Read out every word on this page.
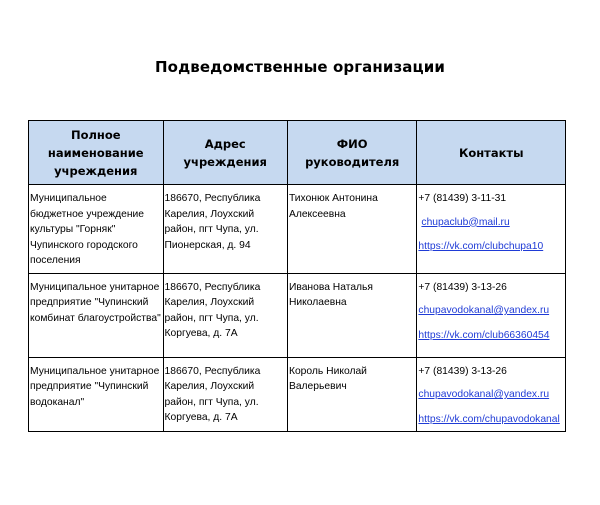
Подведомственные организации
Полное наименование учреждения	Адрес учреждения	ФИО руководителя	Контакты
Муниципальное бюджетное учреждение культуры "Горняк" Чупинского городского поселения	186670, Республика Карелия, Лоухский район, пгт Чупа, ул. Пионерская, д. 94	Тихонюк Антонина Алексеевна	+7 (81439) 3-11-31
chupaclub@mail.ru
https://vk.com/clubchupa10

Муниципальное унитарное предприятие "Чупинский комбинат благоустройства"	186670, Республика Карелия, Лоухский район, пгт Чупа, ул. Коргуева, д. 7А	Иванова Наталья Николаевна	+7 (81439) 3-13-26
chupavodokanal@yandex.ru
https://vk.com/club66360454

Муниципальное унитарное предприятие "Чупинский водоканал"	186670, Республика Карелия, Лоухский район, пгт Чупа, ул. Коргуева, д. 7А	Король Николай Валерьевич	+7 (81439) 3-13-26
chupavodokanal@yandex.ru
https://vk.com/chupavodokanal
